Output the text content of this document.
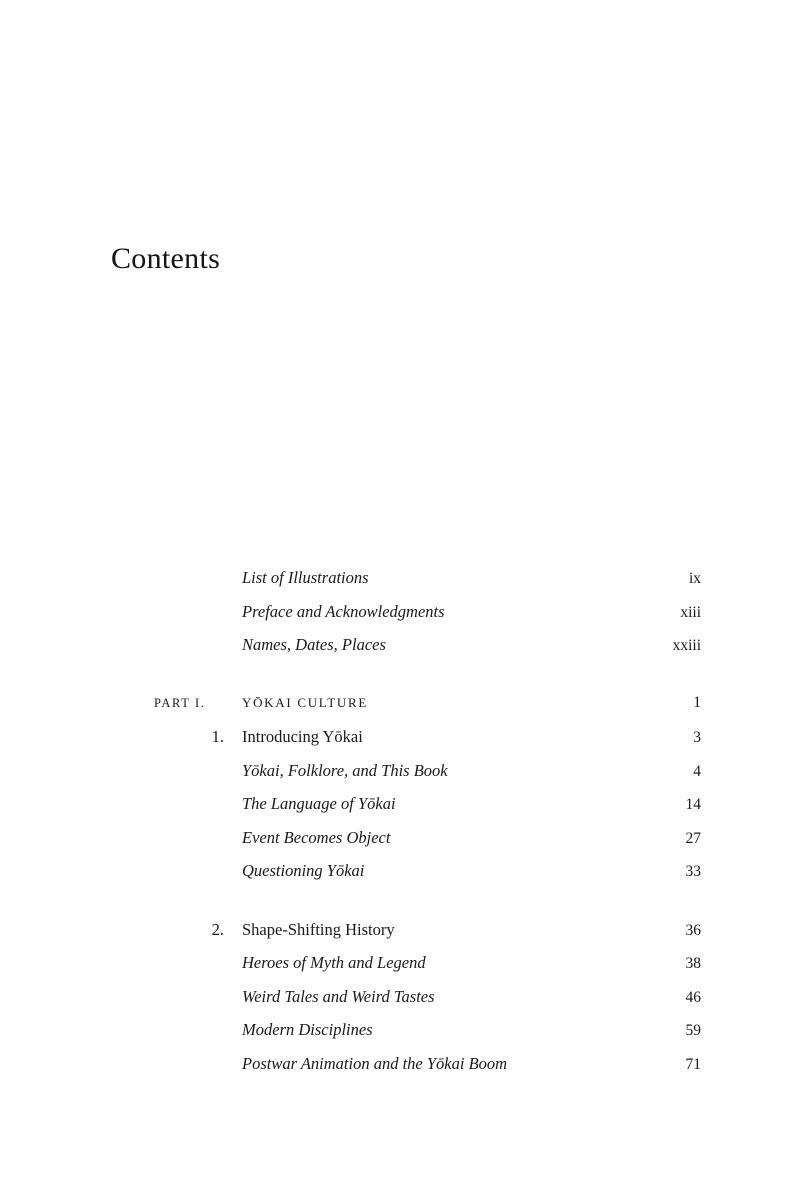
Contents
List of Illustrations	ix
Preface and Acknowledgments	xiii
Names, Dates, Places	xxiii
PART I.	YŌKAI CULTURE	1
1.	Introducing Yōkai	3
Yōkai, Folklore, and This Book	4
The Language of Yōkai	14
Event Becomes Object	27
Questioning Yōkai	33
2.	Shape-Shifting History	36
Heroes of Myth and Legend	38
Weird Tales and Weird Tastes	46
Modern Disciplines	59
Postwar Animation and the Yōkai Boom	71
